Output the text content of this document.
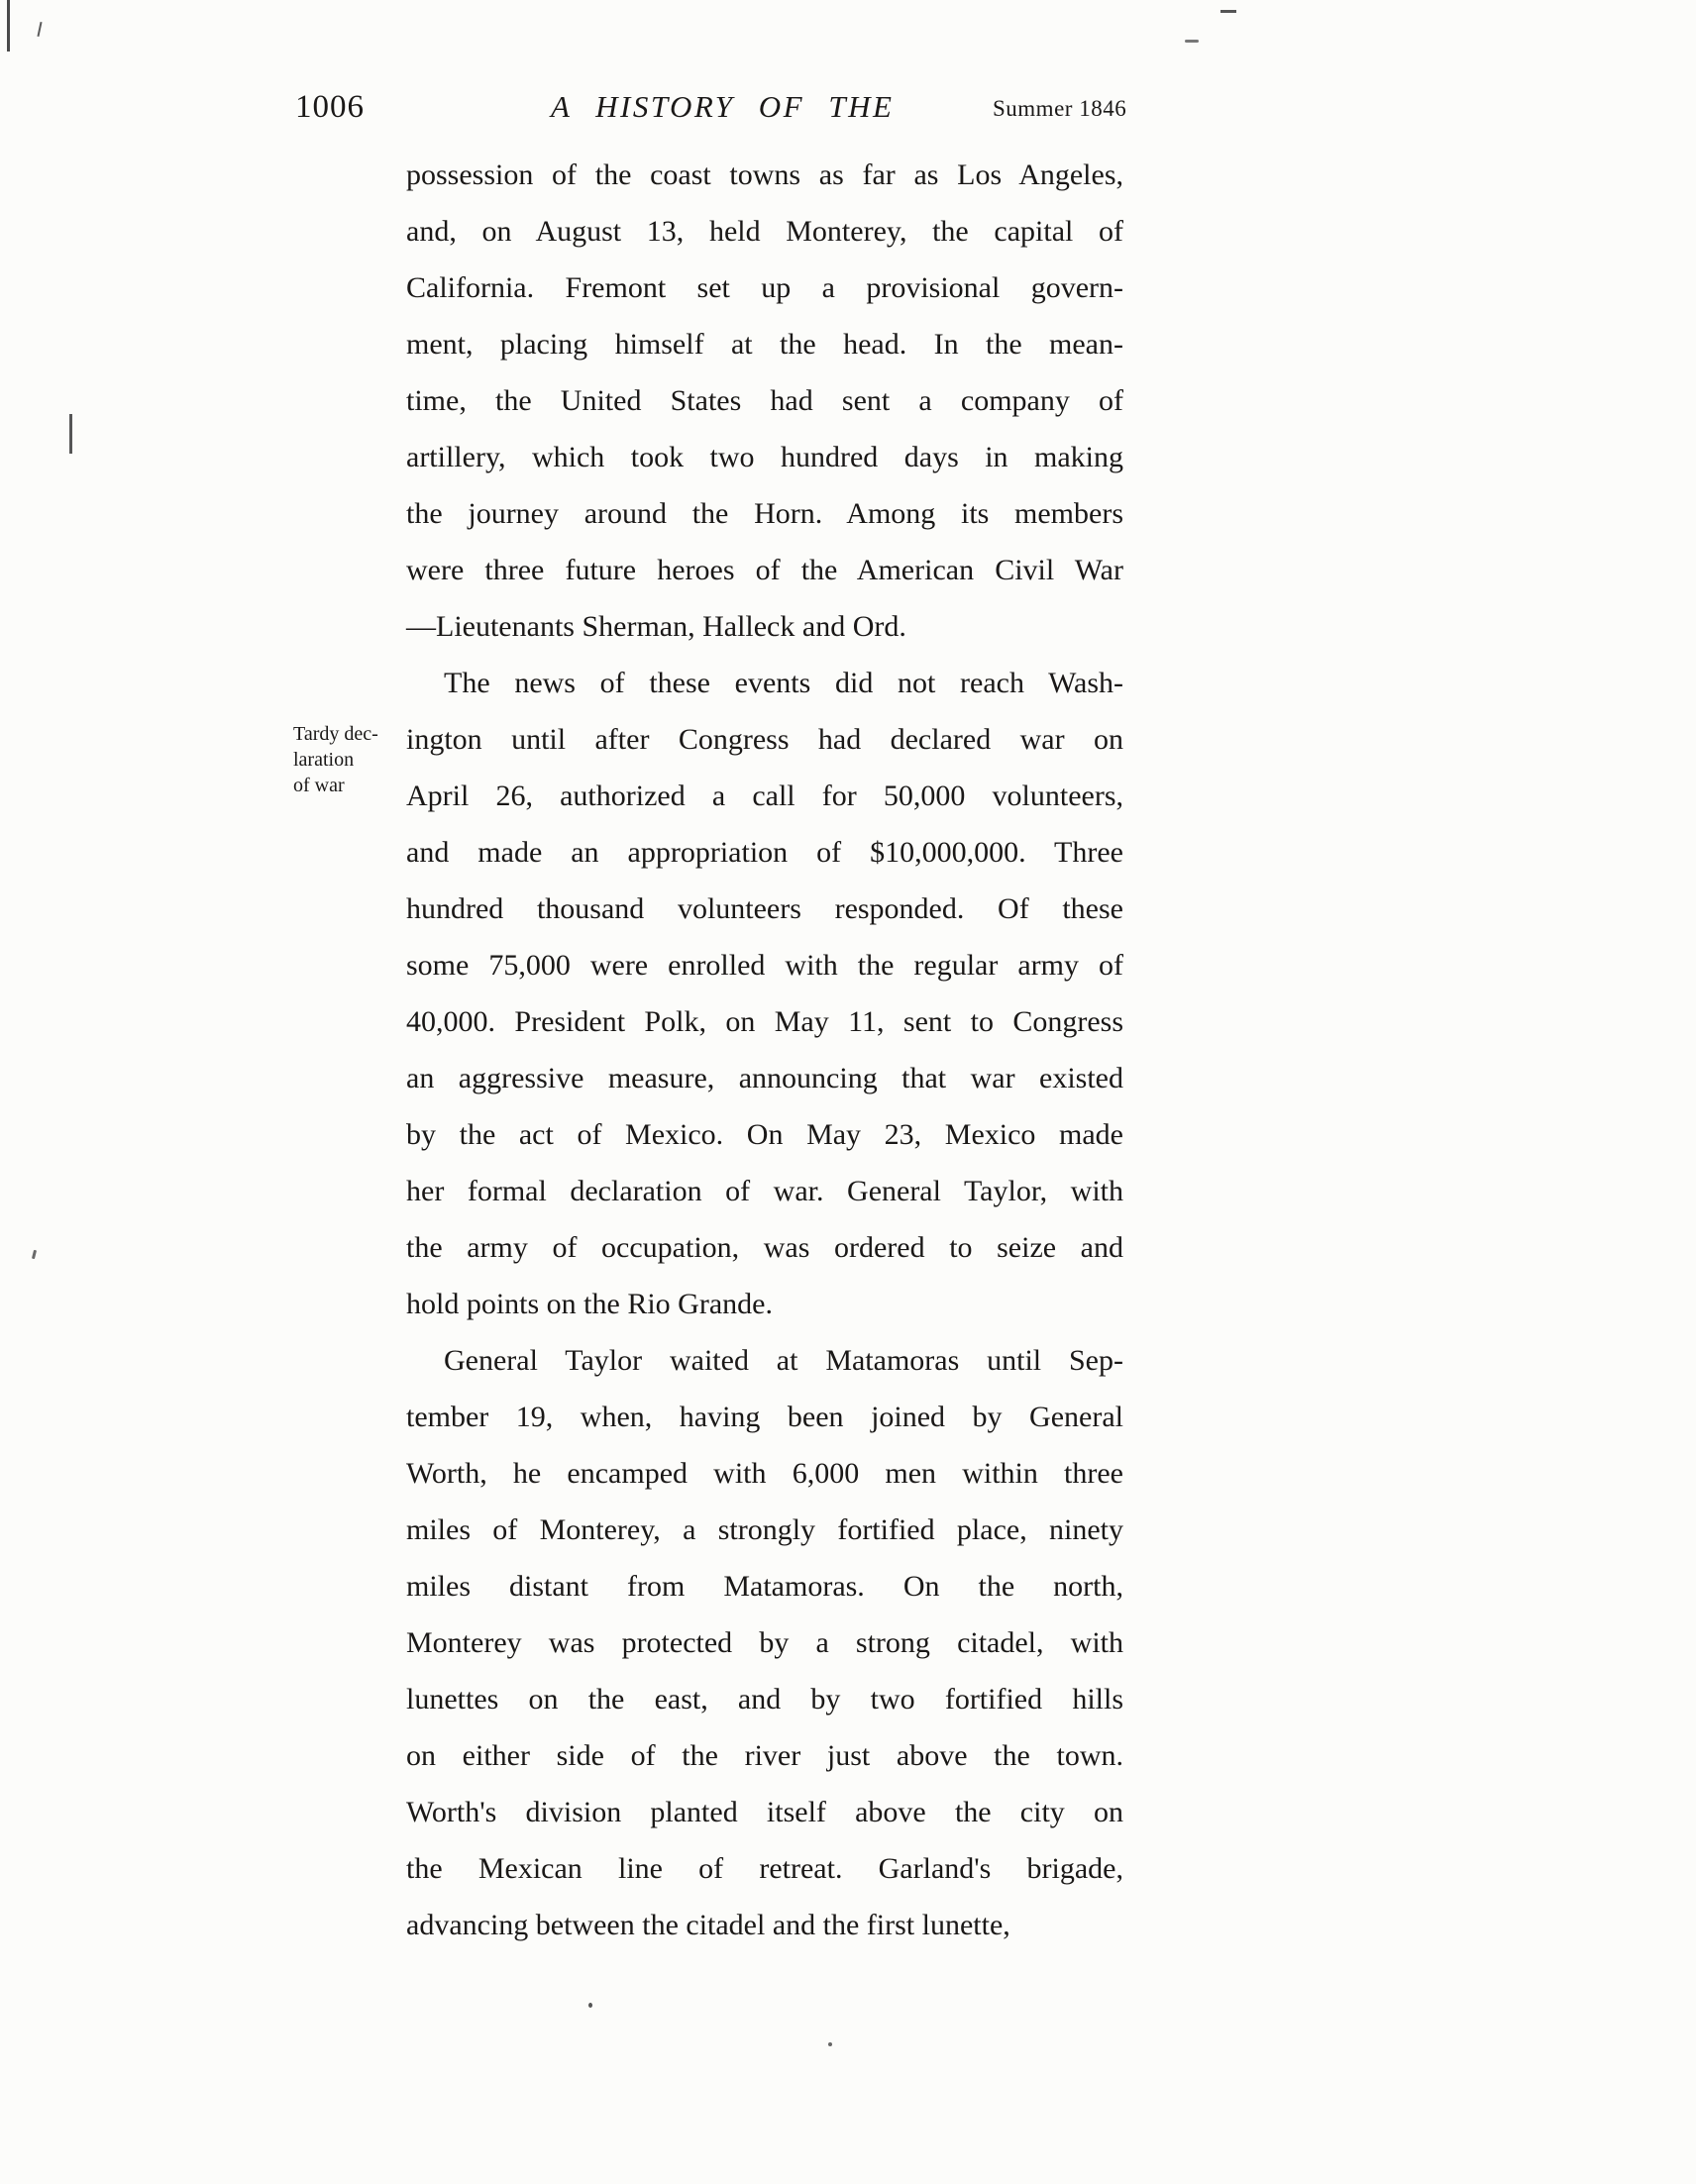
1006	A HISTORY OF THE	Summer 1846
Tardy dec-
laration
of war

possession of the coast towns as far as Los Angeles,
and, on August 13, held Monterey, the capital of
California. Fremont set up a provisional govern-
ment, placing himself at the head. In the mean-
time, the United States had sent a company of
artillery, which took two hundred days in making
the journey around the Horn. Among its members
were three future heroes of the American Civil War
—Lieutenants Sherman, Halleck and Ord.

The news of these events did not reach Wash-
ington until after Congress had declared war on
April 26, authorized a call for 50,000 volunteers,
and made an appropriation of $10,000,000. Three
hundred thousand volunteers responded. Of these
some 75,000 were enrolled with the regular army of
40,000. President Polk, on May 11, sent to Congress
an aggressive measure, announcing that war existed
by the act of Mexico. On May 23, Mexico made
her formal declaration of war. General Taylor, with
the army of occupation, was ordered to seize and
hold points on the Rio Grande.

General Taylor waited at Matamoras until Sep-
tember 19, when, having been joined by General
Worth, he encamped with 6,000 men within three
miles of Monterey, a strongly fortified place, ninety
miles distant from Matamoras. On the north,
Monterey was protected by a strong citadel, with
lunettes on the east, and by two fortified hills
on either side of the river just above the town.
Worth's division planted itself above the city on
the Mexican line of retreat. Garland's brigade,
advancing between the citadel and the first lunette,
